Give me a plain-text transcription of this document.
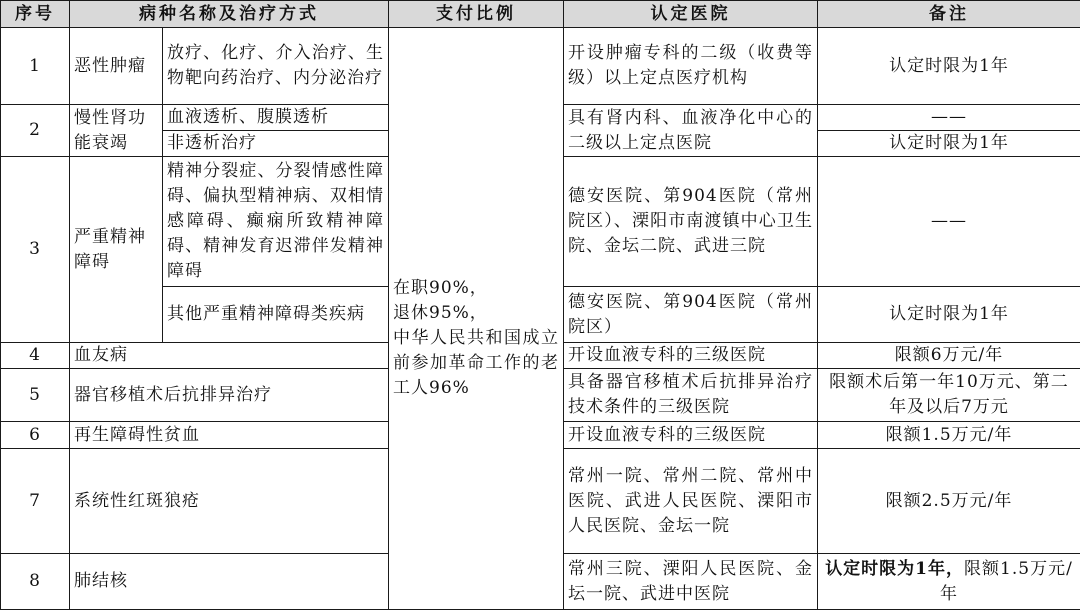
序号	病种名称及治疗方式		支付比例	认定医院	备注
1	恶性肿瘤	放疗、化疗、介入治疗、生物靶向药治疗、内分泌治疗	在职90%，
退休95%，
中华人民共和国成立前参加革命工作的老工人96%	开设肿瘤专科的二级（收费等级）以上定点医疗机构	认定时限为1年
2	慢性肾功能衰竭	血液透析、腹膜透析		具有肾内科、血液净化中心的二级以上定点医院	——
		非透析治疗			认定时限为1年
3	严重精神障碍	精神分裂症、分裂情感性障碍、偏执型精神病、双相情感障碍、癫痫所致精神障碍、精神发育迟滞伴发精神障碍		德安医院、第904医院（常州院区）、溧阳市南渡镇中心卫生院、金坛二院、武进三院	——
		其他严重精神障碍类疾病		德安医院、第904医院（常州院区）	认定时限为1年
4	血友病			开设血液专科的三级医院	限额6万元/年
5	器官移植术后抗排异治疗			具备器官移植术后抗排异治疗技术条件的三级医院	限额术后第一年10万元、第二年及以后7万元
6	再生障碍性贫血			开设血液专科的三级医院	限额1.5万元/年
7	系统性红斑狼疮			常州一院、常州二院、常州中医院、武进人民医院、溧阳市人民医院、金坛一院	限额2.5万元/年
8	肺结核			常州三院、溧阳人民医院、金坛一院、武进中医院	认定时限为1年，限额1.5万元/年
